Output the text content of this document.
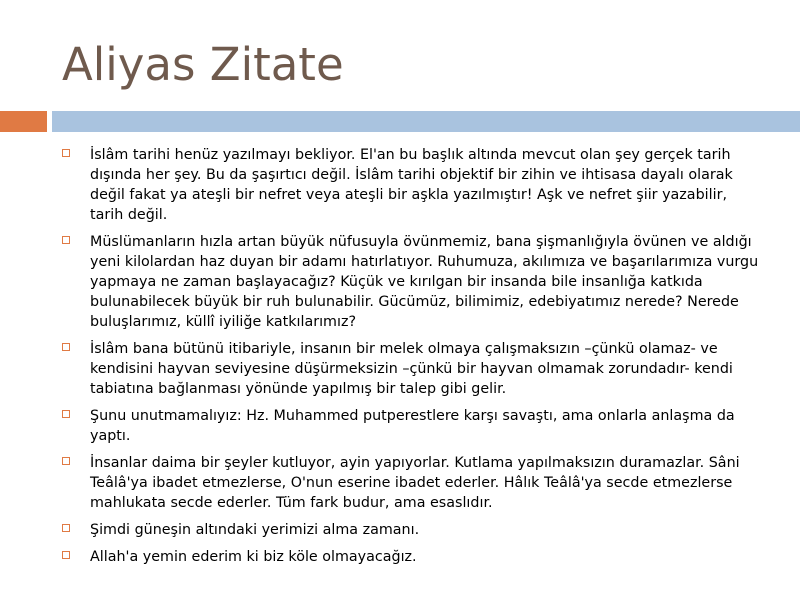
Aliyas Zitate
İslâm tarihi henüz yazılmayı bekliyor. El'an bu başlık altında mevcut olan şey gerçek tarih dışında her şey. Bu da şaşırtıcı değil. İslâm tarihi objektif bir zihin ve ihtisasa dayalı olarak değil fakat ya ateşli bir nefret veya ateşli bir aşkla yazılmıştır! Aşk ve nefret şiir yazabilir, tarih değil.
Müslümanların hızla artan büyük nüfusuyla övünmemiz, bana şişmanlığıyla övünen ve aldığı yeni kilolardan haz duyan bir adamı hatırlatıyor. Ruhumuza, akılımıza ve başarılarımıza vurgu yapmaya ne zaman başlayacağız? Küçük ve kırılgan bir insanda bile insanlığa katkıda bulunabilecek büyük bir ruh bulunabilir. Gücümüz, bilimimiz, edebiyatımız nerede? Nerede buluşlarımız, küllî iyiliğe katkılarımız?
İslâm bana bütünü itibariyle, insanın bir melek olmaya çalışmaksızın –çünkü olamaz- ve kendisini hayvan seviyesine düşürmeksizin –çünkü bir hayvan olmamak zorundadır- kendi tabiatına bağlanması yönünde yapılmış bir talep gibi gelir.
Şunu unutmamalıyız: Hz. Muhammed putperestlere karşı savaştı, ama onlarla anlaşma da yaptı.
İnsanlar daima bir şeyler kutluyor, ayin yapıyorlar. Kutlama yapılmaksızın duramazlar. Sâni Teâlâ'ya ibadet etmezlerse, O'nun eserine ibadet ederler. Hâlık Teâlâ'ya secde etmezlerse mahlukata secde ederler. Tüm fark budur, ama esaslıdır.
Şimdi güneşin altındaki yerimizi alma zamanı.
Allah'a yemin ederim ki biz köle olmayacağız.
